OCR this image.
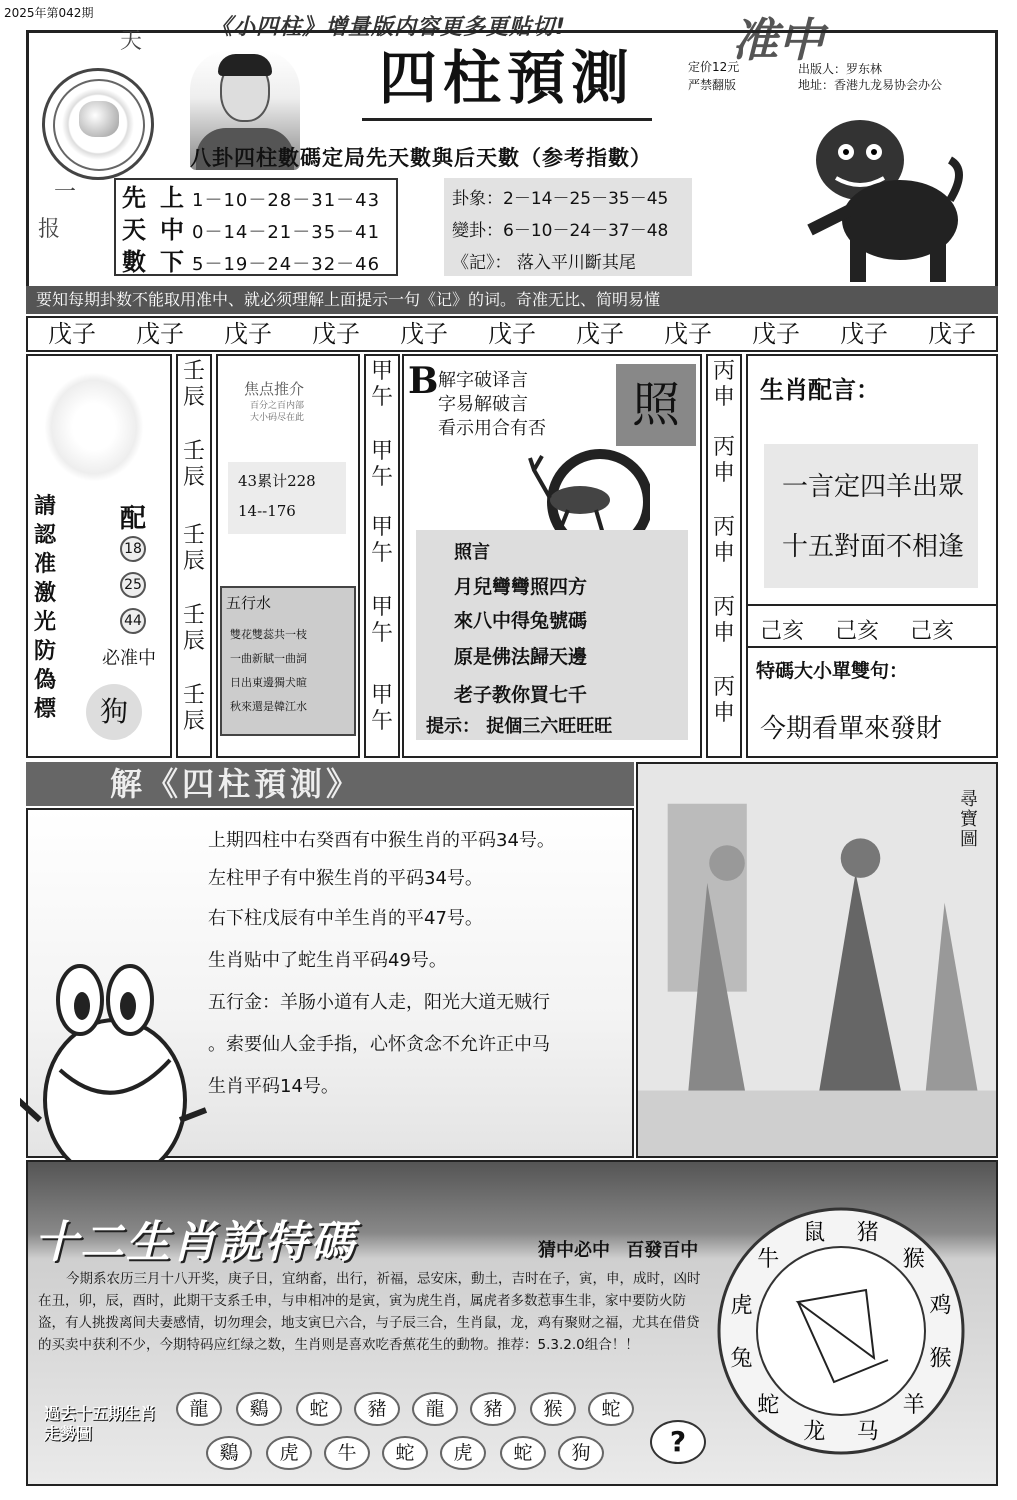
2025年第042期
《小四柱》增量版内容更多更贴切!	准中
天
一
报
四柱預測	定价12元
严禁翻版
出版人：罗东林
地址：香港九龙易协会办公
八卦四柱數碼定局先天數與后天數（参考指數）
先 上 1－10－28－31－43
天 中 0－14－21－35－41
數 下 5－19－24－32－46
卦象：2－14－25－35－45
變卦：6－10－24－37－48
《記》： 落入平川斷其尾
要知每期卦数不能取用准中、就必须理解上面提示一句《记》的词。奇准无比、简明易懂
戊子 戊子 戊子 戊子 戊子 戊子 戊子 戊子 戊子 戊子 戊子
請認准激光防偽標
配
18
25
44
必准中
狗
壬
辰
壬
辰
壬
辰
壬
辰
壬
辰
焦点推介
百分之百内部
大小码尽在此
43累计228
14--176
五行水
雙花雙蕊共一枝
一曲新賦一曲詞
日出東邊獨犬暄
秋來還是韓江水
甲
午
甲
午
甲
午
甲
午
甲
午
B 解字破译言
字易解破言
看示用合有否	照
照言
月兒彎彎照四方
來八中得兔號碼
原是佛法歸天邊
老子教你買七千
提示： 捉個三六旺旺旺
丙
申
丙
申
丙
申
丙
申
丙
申
生肖配言：
一言定四羊出眾
十五對面不相逢
己亥 己亥 己亥
特碼大小單雙句：
今期看單來發財
解《四柱預測》
上期四柱中右癸酉有中猴生肖的平码34号。
左柱甲子有中猴生肖的平码34号。
右下柱戊辰有中羊生肖的平47号。
生肖贴中了蛇生肖平码49号。
五行金：羊肠小道有人走，阳光大道无贼行
。索要仙人金手指，心怀贪念不允许正中马
生肖平码14号。
尋寶圖
十二生肖說特碼	猜中必中 百發百中
今期系农历三月十八开奖，庚子日，宜纳畜，出行，祈福，忌安床，動土，吉时在子，寅，申，成时，凶时在丑，卯，辰，酉时，此期干支系壬申，与申相冲的是寅，寅为虎生肖，属虎者多数惹事生非，家中要防火防盗，有人挑拨离间夫妻感情，切勿理会，地支寅巳六合，与子辰三合，生肖鼠，龙，鸡有聚财之福，尤其在借贷的买卖中获利不少，今期特码应红绿之数，生肖则是喜欢吃香蕉花生的動物。推荐：5.3.2.0组合！！
過去十五期生肖走勢圖
龍	鷄	蛇	豬	龍	豬	猴	蛇
鷄	虎	牛	蛇	虎	蛇	狗	?
鼠 猪
猴
鸡
猴
羊
马
龙
蛇
兔
虎
牛
